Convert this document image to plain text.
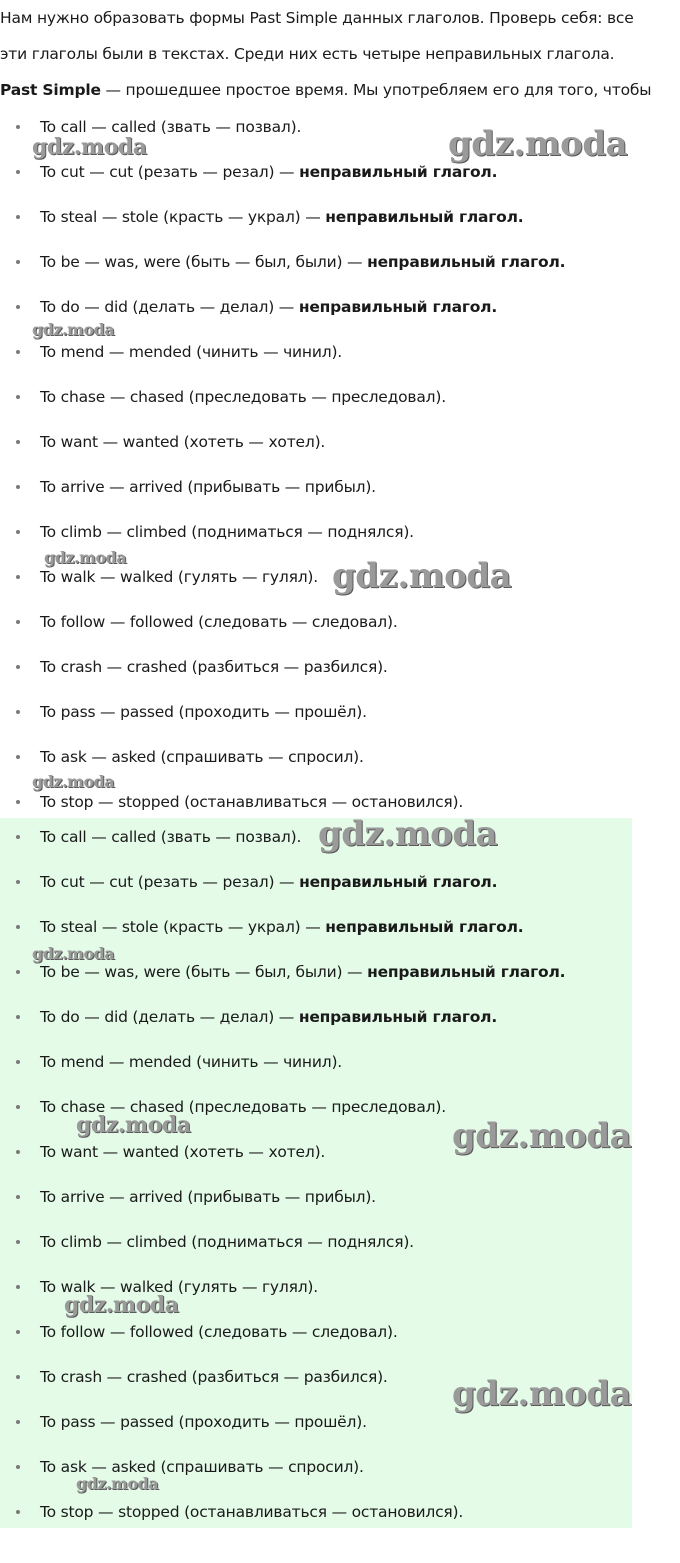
Нам нужно образовать формы Past Simple данных глаголов. Проверь себя: все
эти глаголы были в текстах. Среди них есть четыре неправильных глагола.

Past Simple — прошедшее простое время. Мы употребляем его для того, чтобы

To call — called (звать — позвал).
To cut — cut (резать — резал) — неправильный глагол.
To steal — stole (красть — украл) — неправильный глагол.
To be — was, were (быть — был, были) — неправильный глагол.
To do — did (делать — делал) — неправильный глагол.
To mend — mended (чинить — чинил).
To chase — chased (преследовать — преследовал).
To want — wanted (хотеть — хотел).
To arrive — arrived (прибывать — прибыл).
To climb — climbed (подниматься — поднялся).
To walk — walked (гулять — гулял).
To follow — followed (следовать — следовал).
To crash — crashed (разбиться — разбился).
To pass — passed (проходить — прошёл).
To ask — asked (спрашивать — спросил).
To stop — stopped (останавливаться — остановился).
To call — called (звать — позвал).
To cut — cut (резать — резал) — неправильный глагол.
To steal — stole (красть — украл) — неправильный глагол.
To be — was, were (быть — был, были) — неправильный глагол.
To do — did (делать — делал) — неправильный глагол.
To mend — mended (чинить — чинил).
To chase — chased (преследовать — преследовал).
To want — wanted (хотеть — хотел).
To arrive — arrived (прибывать — прибыл).
To climb — climbed (подниматься — поднялся).
To walk — walked (гулять — гулял).
To follow — followed (следовать — следовал).
To crash — crashed (разбиться — разбился).
To pass — passed (проходить — прошёл).
To ask — asked (спрашивать — спросил).
To stop — stopped (останавливаться — остановился).
gdz.moda	gdz.moda
gdz.moda
gdz.moda	gdz.moda
gdz.moda
gdz.moda
gdz.moda
gdz.moda	gdz.moda
gdz.moda
gdz.moda
gdz.moda
